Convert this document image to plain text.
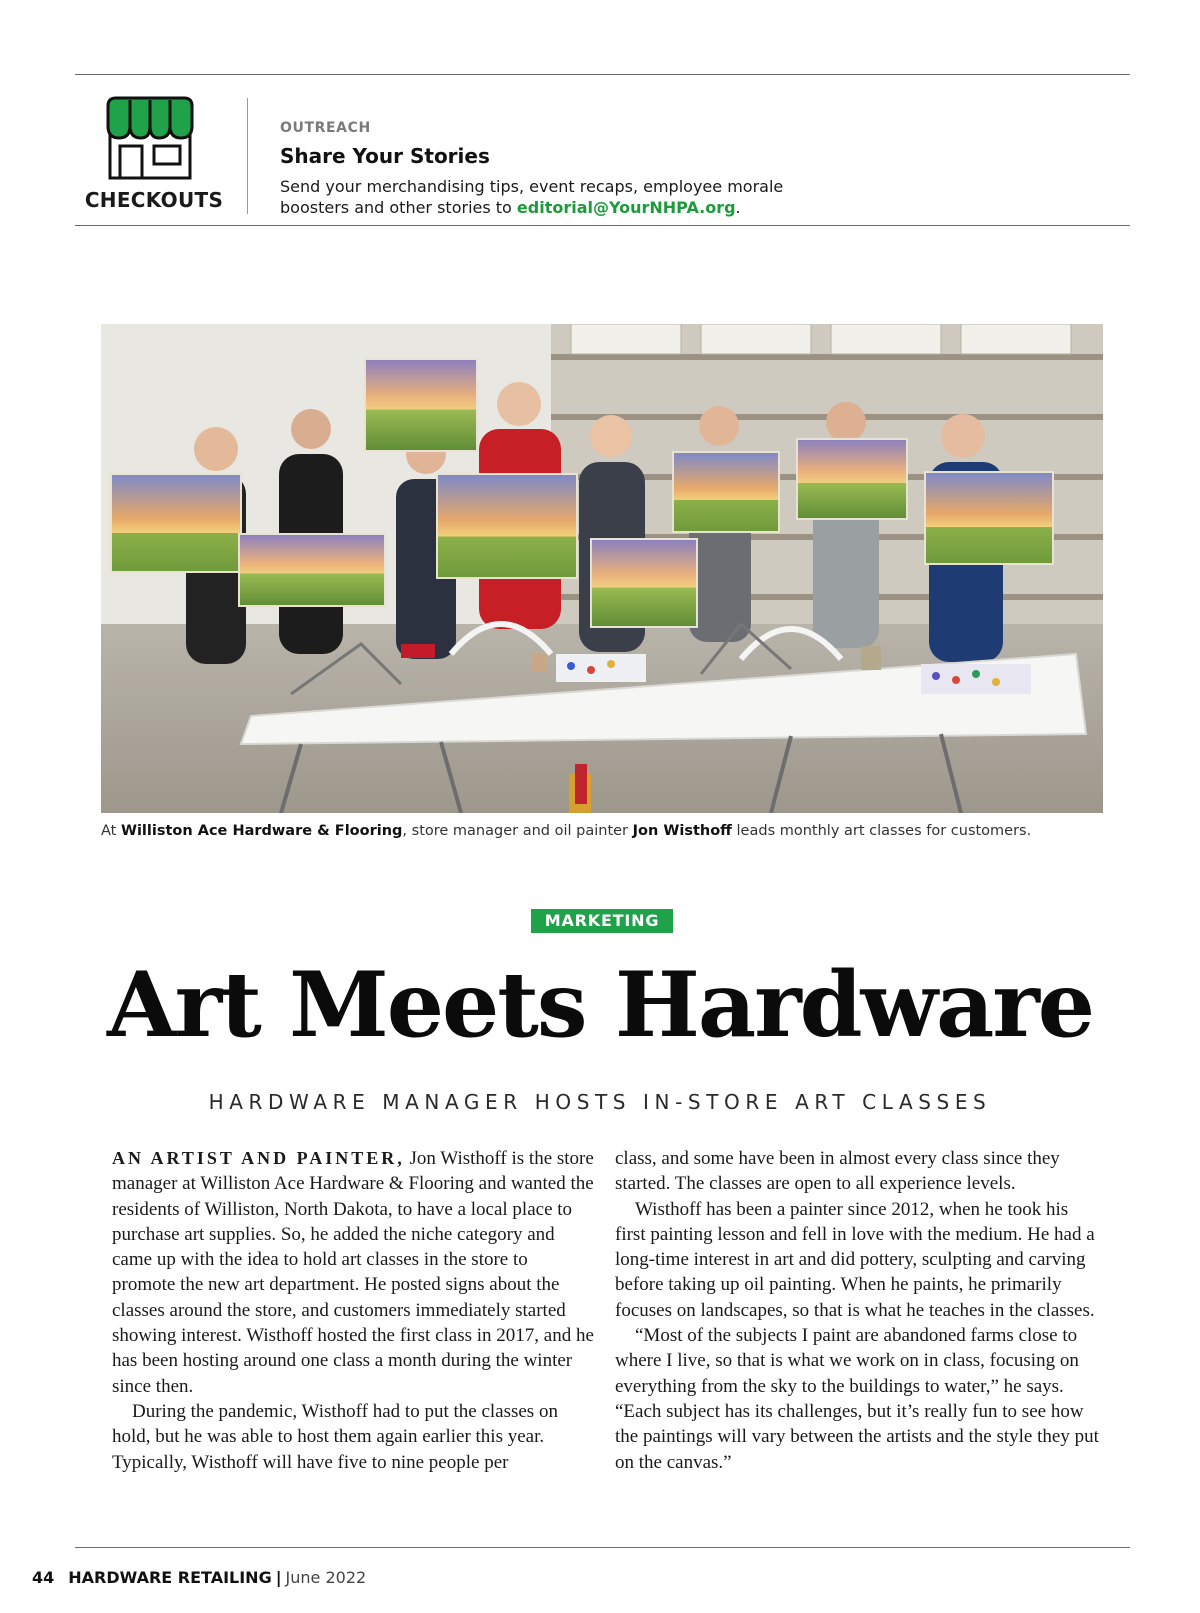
CHECKOUTS
OUTREACH
Share Your Stories
Send your merchandising tips, event recaps, employee morale boosters and other stories to editorial@YourNHPA.org.
At Williston Ace Hardware & Flooring, store manager and oil painter Jon Wisthoff leads monthly art classes for customers.
MARKETING
Art Meets Hardware
HARDWARE MANAGER HOSTS IN-STORE ART CLASSES

AN ARTIST AND PAINTER, Jon Wisthoff is the store manager at Williston Ace Hardware & Flooring and wanted the residents of Williston, North Dakota, to have a local place to purchase art supplies. So, he added the niche category and came up with the idea to hold art classes in the store to promote the new art department. He posted signs about the classes around the store, and customers immediately started showing interest. Wisthoff hosted the first class in 2017, and he has been hosting around one class a month during the winter since then.

During the pandemic, Wisthoff had to put the classes on hold, but he was able to host them again earlier this year. Typically, Wisthoff will have five to nine people per

class, and some have been in almost every class since they started. The classes are open to all experience levels.

Wisthoff has been a painter since 2012, when he took his first painting lesson and fell in love with the medium. He had a long-time interest in art and did pottery, sculpting and carving before taking up oil painting. When he paints, he primarily focuses on landscapes, so that is what he teaches in the classes.

“Most of the subjects I paint are abandoned farms close to where I live, so that is what we work on in class, focusing on everything from the sky to the buildings to water,” he says. “Each subject has its challenges, but it’s really fun to see how the paintings will vary between the artists and the style they put on the canvas.”

44 HARDWARE RETAILING | June 2022
